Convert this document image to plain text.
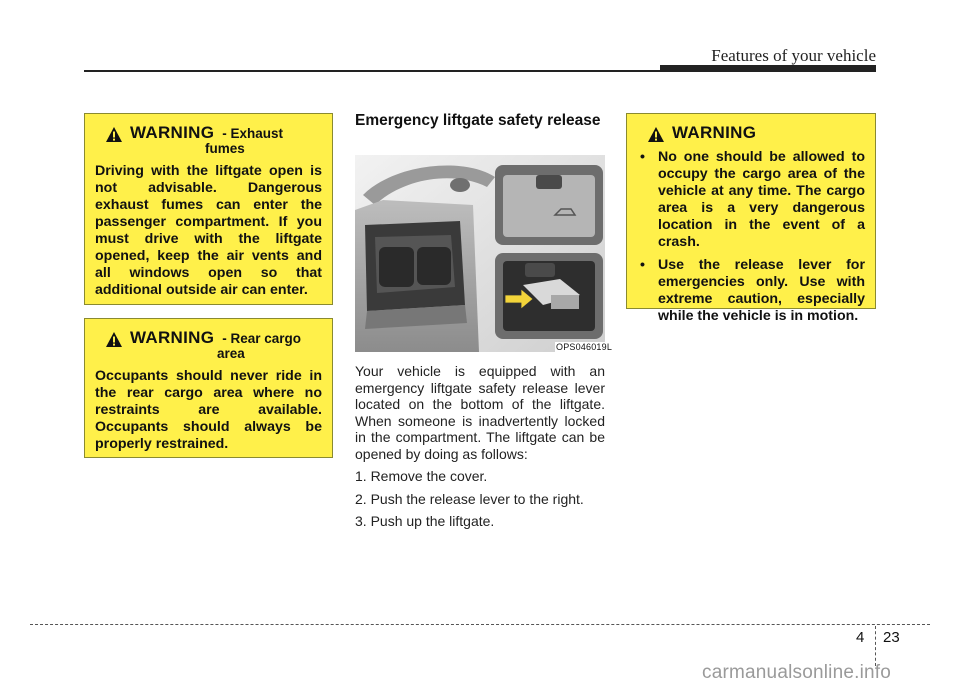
Features of your vehicle
WARNING - Exhaust
fumes
Driving with the liftgate open is not advisable. Dangerous exhaust fumes can enter the passenger compartment. If you must drive with the liftgate opened, keep the air vents and all windows open so that additional outside air can enter.
WARNING - Rear cargo
area
Occupants should never ride in the rear cargo area where no restraints are available. Occupants should always be properly restrained.
Emergency liftgate safety release
OPS046019L

Your vehicle is equipped with an emergency liftgate safety release lever located on the bottom of the liftgate. When someone is inadvertently locked in the compartment. The liftgate can be opened by doing as follows:

1. Remove the cover.

2. Push the release lever to the right.

3. Push up the liftgate.

WARNING
• No one should be allowed to occupy the cargo area of the vehicle at any time. The cargo area is a very dangerous location in the event of a crash.
• Use the release lever for emergencies only. Use with extreme caution, especially while the vehicle is in motion.
4 23
carmanualsonline.info
